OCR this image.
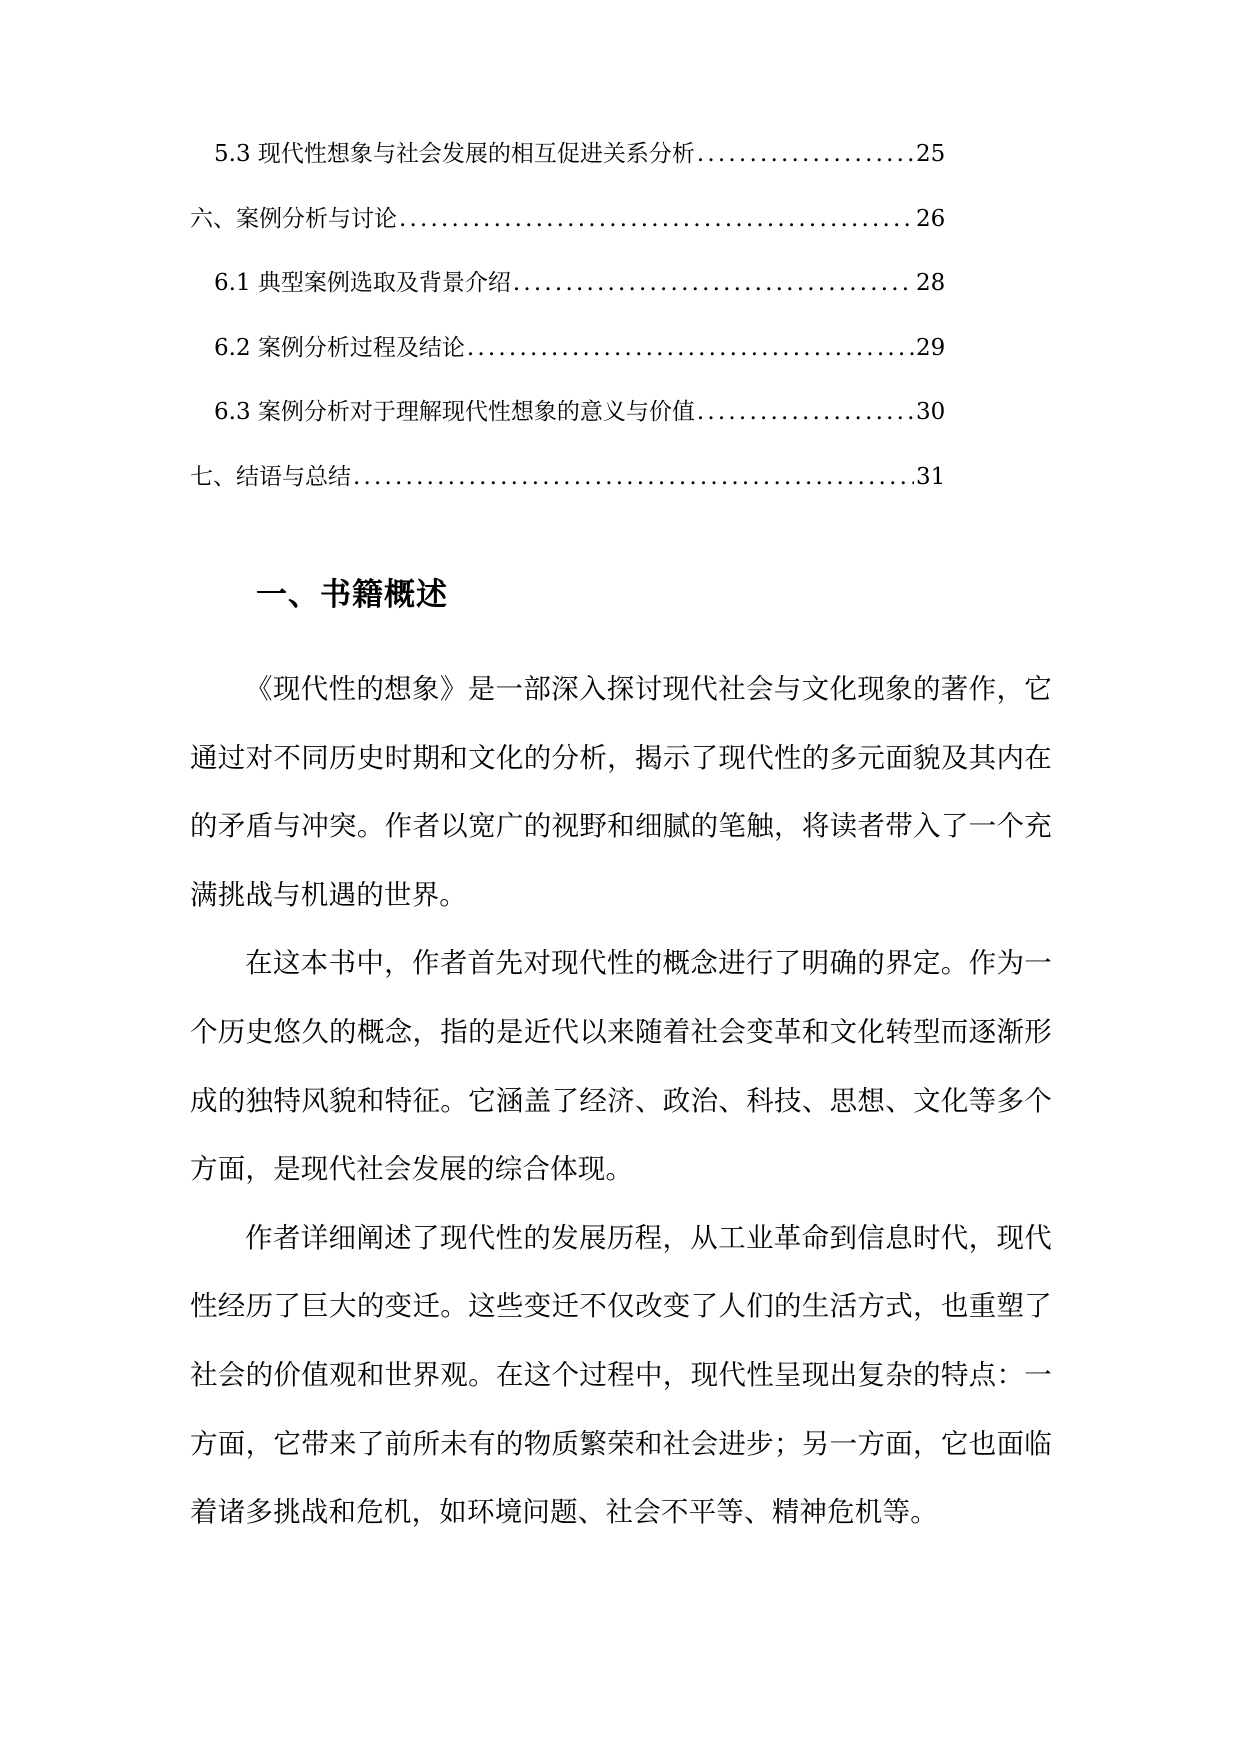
5.3 现代性想象与社会发展的相互促进关系分析 .....	25
六、案例分析与讨论 .....	26
6.1 典型案例选取及背景介绍 .....	28
6.2 案例分析过程及结论 .....	29
6.3 案例分析对于理解现代性想象的意义与价值 .....	30
七、结语与总结 .....	31
一、书籍概述

《现代性的想象》是一部深入探讨现代社会与文化现象的著作，它通过对不同历史时期和文化的分析，揭示了现代性的多元面貌及其内在的矛盾与冲突。作者以宽广的视野和细腻的笔触，将读者带入了一个充满挑战与机遇的世界。

在这本书中，作者首先对现代性的概念进行了明确的界定。作为一个历史悠久的概念，指的是近代以来随着社会变革和文化转型而逐渐形成的独特风貌和特征。它涵盖了经济、政治、科技、思想、文化等多个方面，是现代社会发展的综合体现。

作者详细阐述了现代性的发展历程，从工业革命到信息时代，现代性经历了巨大的变迁。这些变迁不仅改变了人们的生活方式，也重塑了社会的价值观和世界观。在这个过程中，现代性呈现出复杂的特点：一方面，它带来了前所未有的物质繁荣和社会进步；另一方面，它也面临着诸多挑战和危机，如环境问题、社会不平等、精神危机等。
